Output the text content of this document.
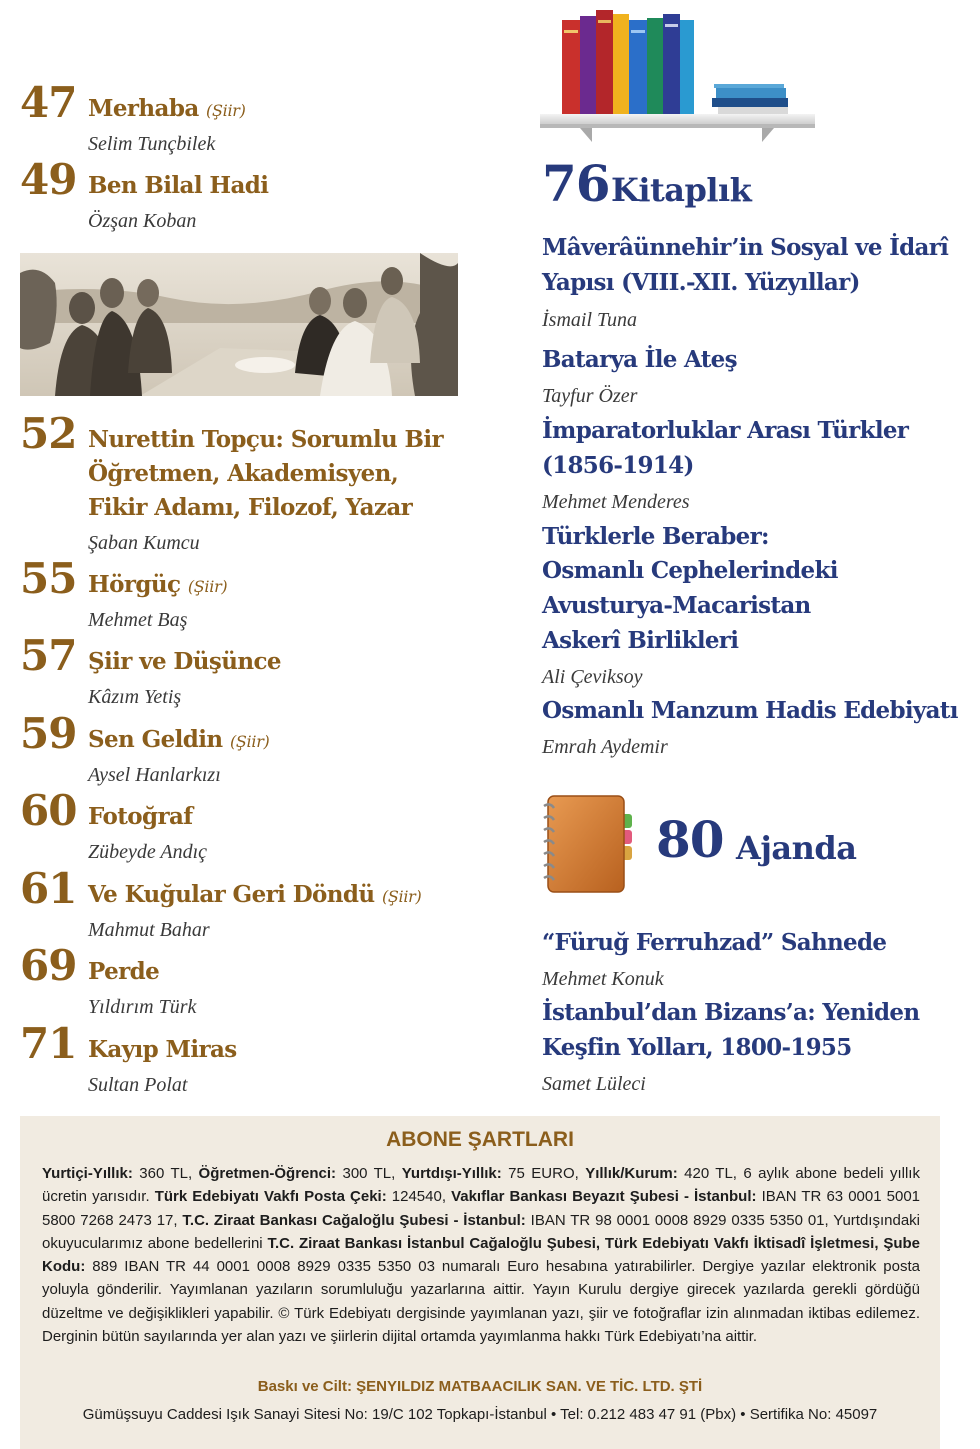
47 Merhaba (Şiir)
Selim Tunçbilek
49 Ben Bilal Hadi
Özşan Koban
52 Nurettin Topçu: Sorumlu Bir
Öğretmen, Akademisyen,
Fikir Adamı, Filozof, Yazar
Şaban Kumcu
55 Hörgüç (Şiir)
Mehmet Baş
57 Şiir ve Düşünce
Kâzım Yetiş
59 Sen Geldin (Şiir)
Aysel Hanlarkızı
60 Fotoğraf
Zübeyde Andıç
61 Ve Kuğular Geri Döndü (Şiir)
Mahmut Bahar
69 Perde
Yıldırım Türk
71 Kayıp Miras
Sultan Polat
76 Kitaplık
Mâverâünnehir’in Sosyal ve İdarî
Yapısı (VIII.-XII. Yüzyıllar)
İsmail Tuna
Batarya İle Ateş
Tayfur Özer
İmparatorluklar Arası Türkler
(1856-1914)
Mehmet Menderes
Türklerle Beraber:
Osmanlı Cephelerindeki
Avusturya-Macaristan
Askerî Birlikleri
Ali Çeviksoy
Osmanlı Manzum Hadis Edebiyatı
Emrah Aydemir
80 Ajanda
“Füruğ Ferruhzad” Sahnede
Mehmet Konuk
İstanbul’dan Bizans’a: Yeniden
Keşfin Yolları, 1800-1955
Samet Lüleci
ABONE ŞARTLARI
Yurtiçi-Yıllık: 360 TL, Öğretmen-Öğrenci: 300 TL, Yurtdışı-Yıllık: 75 EURO, Yıllık/Kurum: 420 TL, 6 aylık abone bedeli yıllık ücretin yarısıdır. Türk Edebiyatı Vakfı Posta Çeki: 124540, Vakıflar Bankası Beyazıt Şubesi - İstanbul: IBAN TR 63 0001 5001 5800 7268 2473 17, T.C. Ziraat Bankası Cağaloğlu Şubesi - İstanbul: IBAN TR 98 0001 0008 8929 0335 5350 01, Yurtdışındaki okuyucularımız abone bedellerini T.C. Ziraat Bankası İstanbul Cağaloğlu Şubesi, Türk Edebiyatı Vakfı İktisadî İşletmesi, Şube Kodu: 889 IBAN TR 44 0001 0008 8929 0335 5350 03 numaralı Euro hesabına yatırabilirler. Dergiye yazılar elektronik posta yoluyla gönderilir. Yayımlanan yazıların sorumluluğu yazarlarına aittir. Yayın Kurulu dergiye girecek yazılarda gerekli gördüğü düzeltme ve değişiklikleri yapabilir. © Türk Edebiyatı dergisinde yayımlanan yazı, şiir ve fotoğraflar izin alınmadan iktibas edilemez. Derginin bütün sayılarında yer alan yazı ve şiirlerin dijital ortamda yayımlanma hakkı Türk Edebiyatı’na aittir.
Baskı ve Cilt: ŞENYILDIZ MATBAACILIK SAN. VE TİC. LTD. ŞTİ
Gümüşsuyu Caddesi Işık Sanayi Sitesi No: 19/C 102 Topkapı-İstanbul • Tel: 0.212 483 47 91 (Pbx) • Sertifika No: 45097
